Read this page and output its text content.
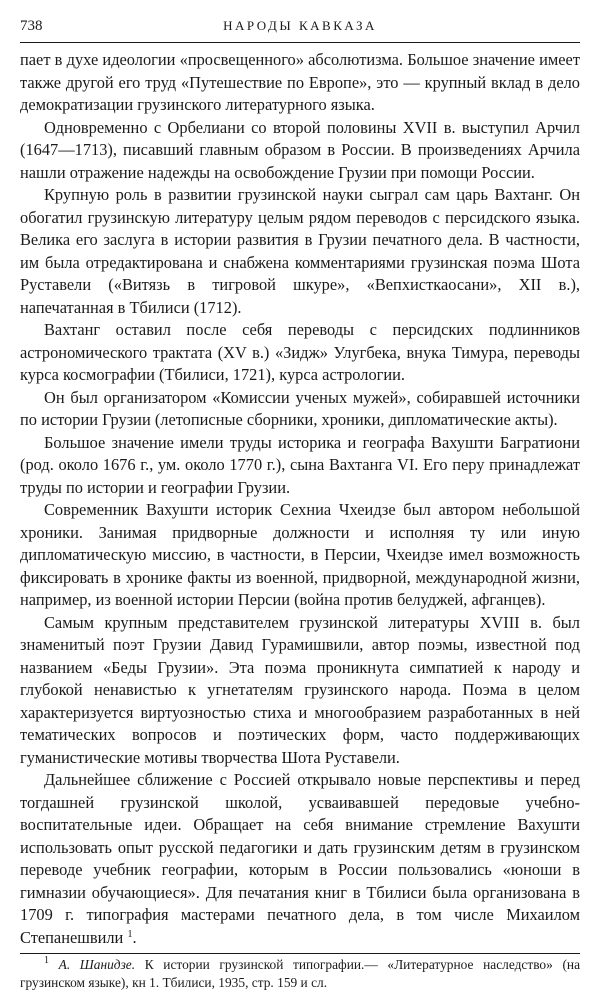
738	НАРОДЫ КАВКАЗА

пает в духе идеологии «просвещенного» абсолютизма. Большое значение имеет также другой его труд «Путешествие по Европе», это — крупный вклад в дело демократизации грузинского литературного языка.

Одновременно с Орбелиани со второй половины XVII в. выступил Арчил (1647—1713), писавший главным образом в России. В произведениях Арчила нашли отражение надежды на освобождение Грузии при помощи России.

Крупную роль в развитии грузинской науки сыграл сам царь Вахтанг. Он обогатил грузинскую литературу целым рядом переводов с персидского языка. Велика его заслуга в истории развития в Грузии печатного дела. В частности, им была отредактирована и снабжена комментариями грузинская поэма Шота Руставели («Витязь в тигровой шкуре», «Вепхисткаосани», XII в.), напечатанная в Тбилиси (1712).

Вахтанг оставил после себя переводы с персидских подлинников астрономического трактата (XV в.) «Зидж» Улугбека, внука Тимура, переводы курса космографии (Тбилиси, 1721), курса астрологии.

Он был организатором «Комиссии ученых мужей», собиравшей источники по истории Грузии (летописные сборники, хроники, дипломатические акты).

Большое значение имели труды историка и географа Вахушти Багратиони (род. около 1676 г., ум. около 1770 г.), сына Вахтанга VI. Его перу принадлежат труды по истории и географии Грузии.

Современник Вахушти историк Сехниа Чхеидзе был автором небольшой хроники. Занимая придворные должности и исполняя ту или иную дипломатическую миссию, в частности, в Персии, Чхеидзе имел возможность фиксировать в хронике факты из военной, придворной, международной жизни, например, из военной истории Персии (война против белуджей, афганцев).

Самым крупным представителем грузинской литературы XVIII в. был знаменитый поэт Грузии Давид Гурамишвили, автор поэмы, известной под названием «Беды Грузии». Эта поэма проникнута симпатией к народу и глубокой ненавистью к угнетателям грузинского народа. Поэма в целом характеризуется виртуозностью стиха и многообразием разработанных в ней тематических вопросов и поэтических форм, часто поддерживающих гуманистические мотивы творчества Шота Руставели.

Дальнейшее сближение с Россией открывало новые перспективы и перед тогдашней грузинской школой, усваивавшей передовые учебно-воспитательные идеи. Обращает на себя внимание стремление Вахушти использовать опыт русской педагогики и дать грузинским детям в грузинском переводе учебник географии, которым в России пользовались «юноши в гимназии обучающиеся». Для печатания книг в Тбилиси была организована в 1709 г. типография мастерами печатного дела, в том числе Михаилом Степанешвили $^1$.

$^1$ А. Шанидзе. К истории грузинской типографии.— «Литературное наследство» (на грузинском языке), кн 1. Тбилиси, 1935, стр. 159 и сл.
